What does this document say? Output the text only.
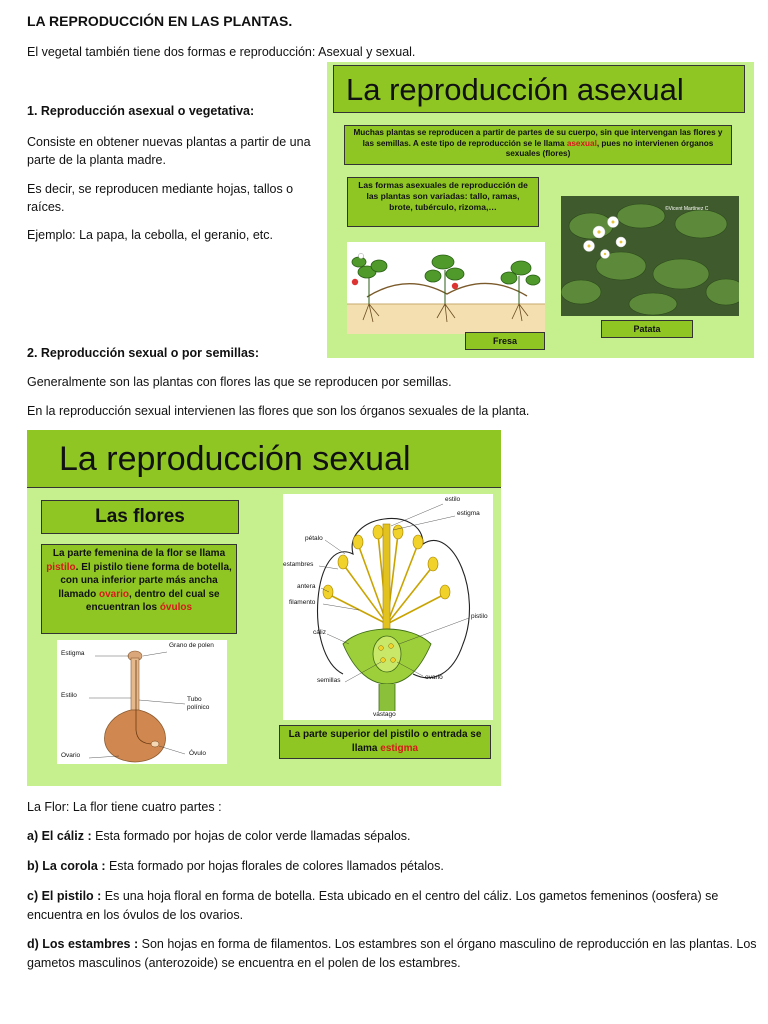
LA REPRODUCCIÓN EN LAS PLANTAS.

El vegetal también tiene dos formas e reproducción: Asexual y sexual.

1. Reproducción asexual o vegetativa:

Consiste en obtener nuevas plantas a partir de una parte de la planta madre.

Es decir, se reproducen mediante hojas, tallos o raíces.

Ejemplo: La papa, la cebolla, el geranio, etc.

2. Reproducción sexual o por semillas:

Generalmente son las plantas con flores las que se reproducen por semillas.

En la reproducción sexual intervienen las flores que son los órganos sexuales de la planta.

La Flor: La flor tiene cuatro partes :

a) El cáliz : Esta formado por hojas de color verde llamadas sépalos.

b) La corola : Esta formado por hojas florales de colores llamados pétalos.

c) El pistilo : Es una hoja floral en forma de botella. Esta ubicado en el centro del cáliz. Los gametos femeninos (oosfera) se encuentra en los óvulos de los ovarios.

d) Los estambres : Son hojas en forma de filamentos. Los estambres son el órgano masculino de reproducción en las plantas. Los gametos masculinos (anterozoide) se encuentra en el polen de los estambres.

La reproducción asexual
Muchas plantas se reproducen a partir de partes de su cuerpo, sin que intervengan las flores y las semillas. A este tipo de reproducción se le llama asexual, pues no intervienen órganos sexuales (flores)
Las formas asexuales de reproducción de las plantas son variadas: tallo, ramas, brote, tubérculo, rizoma,…	©Vicent Martínez C
Fresa
Patata
La reproducción sexual
Las flores
La parte femenina de la flor se llama pistilo. El pistilo tiene forma de botella, con una inferior parte más ancha llamado ovario, dentro del cual se encuentran los óvulos
Estigma
Grano de polen
Estilo
Tubo polínico
Ovario	Óvulo
estilo
estigma
pétalo
estambres
antera
filamento
cáliz
pistilo
ovario
semillas
vástago
La parte superior del pistilo o entrada se llama estigma
